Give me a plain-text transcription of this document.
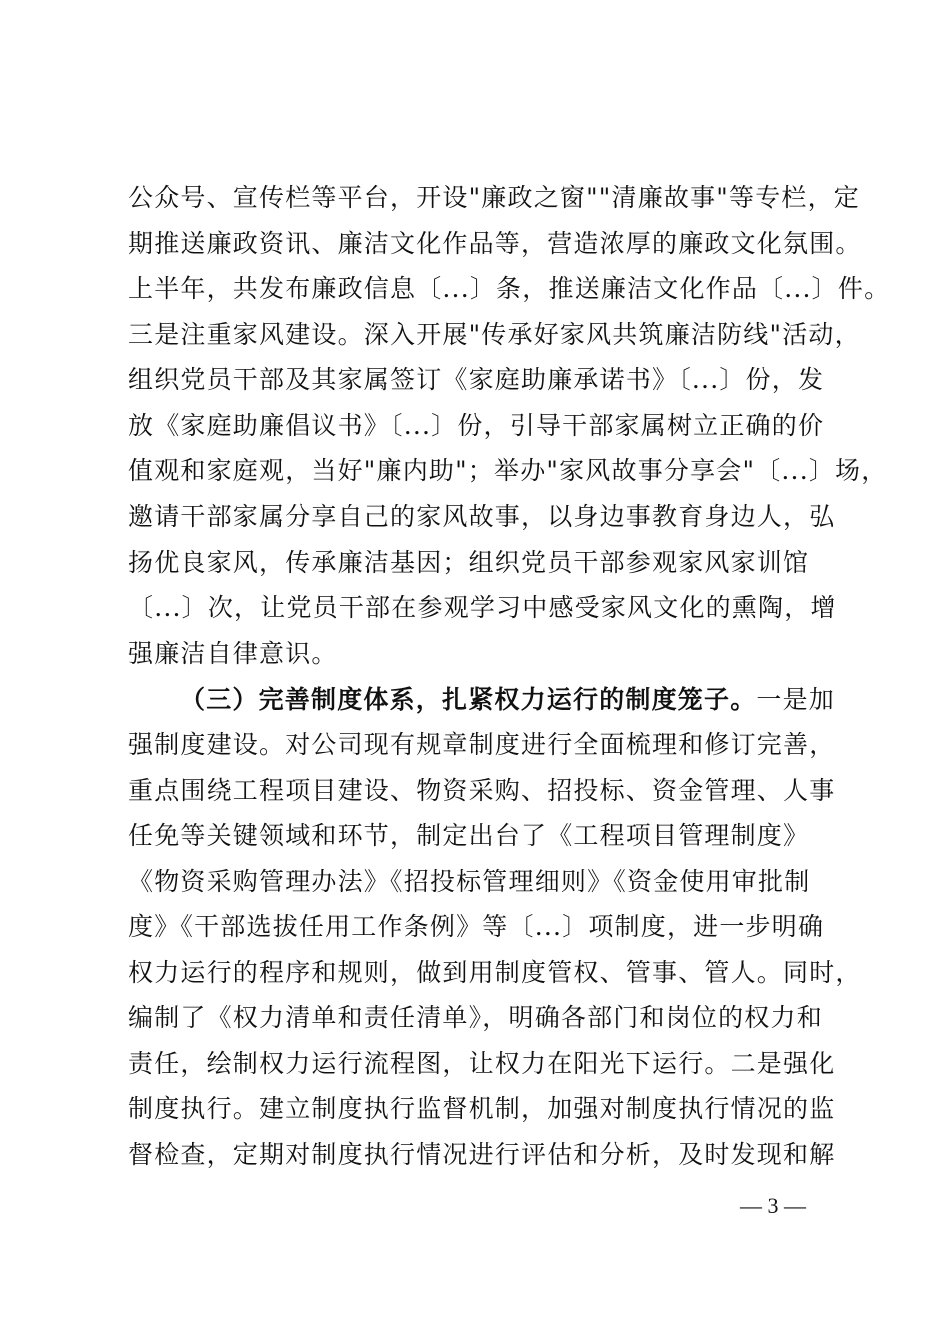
公众号、宣传栏等平台，开设"廉政之窗""清廉故事"等专栏，定
期推送廉政资讯、廉洁文化作品等，营造浓厚的廉政文化氛围。
上半年，共发布廉政信息〔...〕条，推送廉洁文化作品〔...〕件。
三是注重家风建设。深入开展"传承好家风共筑廉洁防线"活动，
组织党员干部及其家属签订《家庭助廉承诺书》〔...〕份，发
放《家庭助廉倡议书》〔...〕份，引导干部家属树立正确的价
值观和家庭观，当好"廉内助"；举办"家风故事分享会"〔...〕场，
邀请干部家属分享自己的家风故事，以身边事教育身边人，弘
扬优良家风，传承廉洁基因；组织党员干部参观家风家训馆
〔...〕次，让党员干部在参观学习中感受家风文化的熏陶，增
强廉洁自律意识。
（三）完善制度体系，扎紧权力运行的制度笼子。一是加
强制度建设。对公司现有规章制度进行全面梳理和修订完善，
重点围绕工程项目建设、物资采购、招投标、资金管理、人事
任免等关键领域和环节，制定出台了《工程项目管理制度》
《物资采购管理办法》《招投标管理细则》《资金使用审批制
度》《干部选拔任用工作条例》等〔...〕项制度，进一步明确
权力运行的程序和规则，做到用制度管权、管事、管人。同时，
编制了《权力清单和责任清单》，明确各部门和岗位的权力和
责任，绘制权力运行流程图，让权力在阳光下运行。二是强化
制度执行。建立制度执行监督机制，加强对制度执行情况的监
督检查，定期对制度执行情况进行评估和分析，及时发现和解
— 3 —
